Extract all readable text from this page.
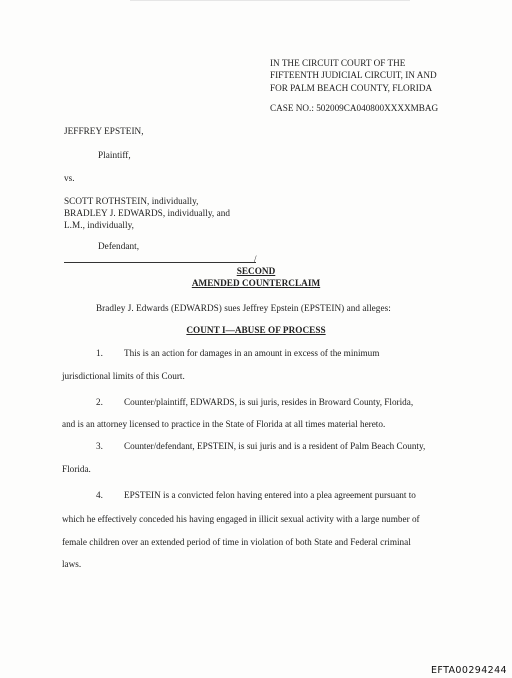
IN THE CIRCUIT COURT OF THE
FIFTEENTH JUDICIAL CIRCUIT, IN AND
FOR PALM BEACH COUNTY, FLORIDA
CASE NO.: 502009CA040800XXXXMBAG
JEFFREY EPSTEIN,
Plaintiff,
vs.
SCOTT ROTHSTEIN, individually,
BRADLEY J. EDWARDS, individually, and
L.M., individually,
Defendant,
/
SECOND
AMENDED COUNTERCLAIM
Bradley J. Edwards (EDWARDS) sues Jeffrey Epstein (EPSTEIN) and alleges:
COUNT I—ABUSE OF PROCESS
1. This is an action for damages in an amount in excess of the minimum
jurisdictional limits of this Court.
2. Counter/plaintiff, EDWARDS, is sui juris, resides in Broward County, Florida,
and is an attorney licensed to practice in the State of Florida at all times material hereto.
3. Counter/defendant, EPSTEIN, is sui juris and is a resident of Palm Beach County,
Florida.
4. EPSTEIN is a convicted felon having entered into a plea agreement pursuant to
which he effectively conceded his having engaged in illicit sexual activity with a large number of
female children over an extended period of time in violation of both State and Federal criminal
laws.
EFTA00294244
